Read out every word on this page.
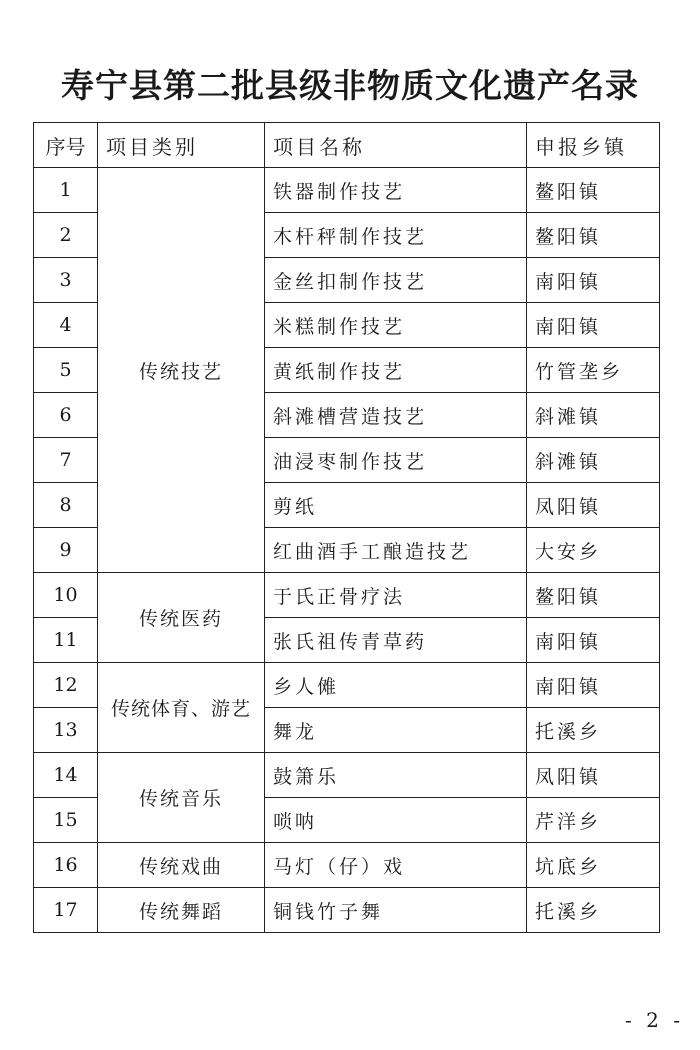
寿宁县第二批县级非物质文化遗产名录
序号	项目类别	项目名称	申报乡镇
1	传统技艺	铁器制作技艺	鳌阳镇
2		木杆秤制作技艺	鳌阳镇
3		金丝扣制作技艺	南阳镇
4		米糕制作技艺	南阳镇
5		黄纸制作技艺	竹管垄乡
6		斜滩槽营造技艺	斜滩镇
7		油浸枣制作技艺	斜滩镇
8		剪纸	凤阳镇
9		红曲酒手工酿造技艺	大安乡
10	传统医药	于氏正骨疗法	鳌阳镇
11		张氏祖传青草药	南阳镇
12	传统体育、游艺	乡人傩	南阳镇
13		舞龙	托溪乡
14	传统音乐	鼓箫乐	凤阳镇
15		唢呐	芹洋乡
16	传统戏曲	马灯（仔）戏	坑底乡
17	传统舞蹈	铜钱竹子舞	托溪乡
- 2 -
